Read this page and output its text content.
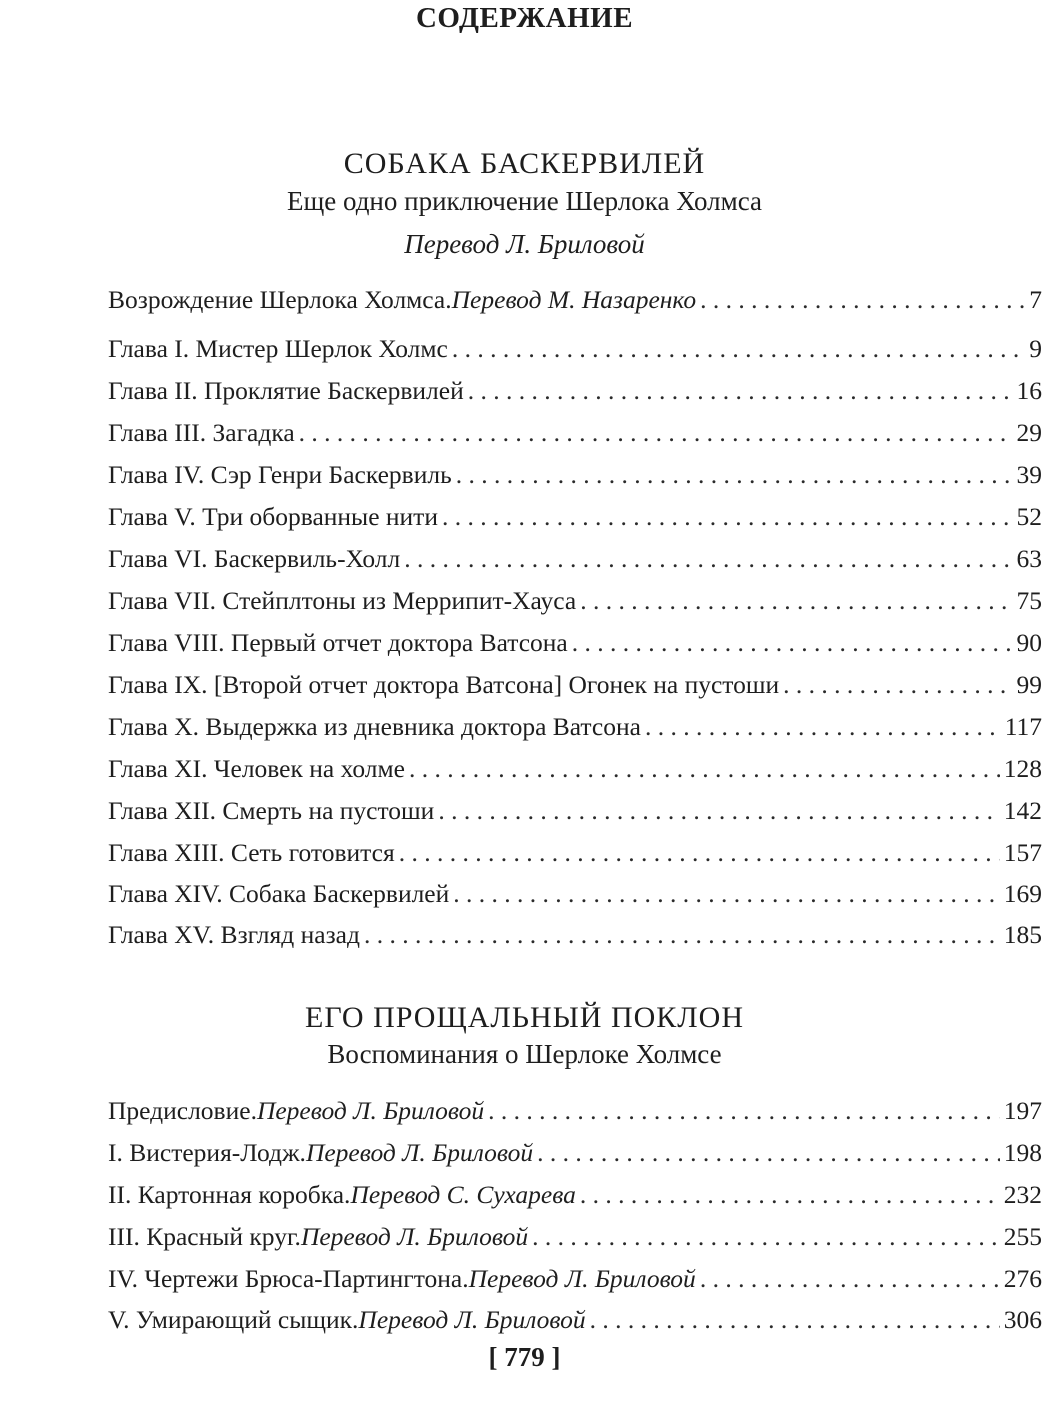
СОДЕРЖАНИЕ
СОБАКА БАСКЕРВИЛЕЙ
Еще одно приключение Шерлока Холмса
Перевод Л. Бриловой
Возрождение Шерлока Холмса. Перевод М. Назаренко . . .	7
Глава I. Мистер Шерлок Холмс . . .	9
Глава II. Проклятие Баскервилей . . .	16
Глава III. Загадка . . .	29
Глава IV. Сэр Генри Баскервиль . . .	39
Глава V. Три оборванные нити . . .	52
Глава VI. Баскервиль-Холл . . .	63
Глава VII. Стейплтоны из Меррипит-Хауса . . .	75
Глава VIII. Первый отчет доктора Ватсона . . .	90
Глава IX. [Второй отчет доктора Ватсона] Огонек на пустоши . . .	99
Глава X. Выдержка из дневника доктора Ватсона . . .	117
Глава XI. Человек на холме . . .	128
Глава XII. Смерть на пустоши . . .	142
Глава XIII. Сеть готовится . . .	157
Глава XIV. Собака Баскервилей . . .	169
Глава XV. Взгляд назад . . .	185
ЕГО ПРОЩАЛЬНЫЙ ПОКЛОН
Воспоминания о Шерлоке Холмсе
Предисловие. Перевод Л. Бриловой . . .	197
I. Вистерия-Лодж. Перевод Л. Бриловой . . .	198
II. Картонная коробка. Перевод С. Сухарева . . .	232
III. Красный круг. Перевод Л. Бриловой . . .	255
IV. Чертежи Брюса-Партингтона. Перевод Л. Бриловой . . .	276
V. Умирающий сыщик. Перевод Л. Бриловой . . .	306
[ 779 ]
